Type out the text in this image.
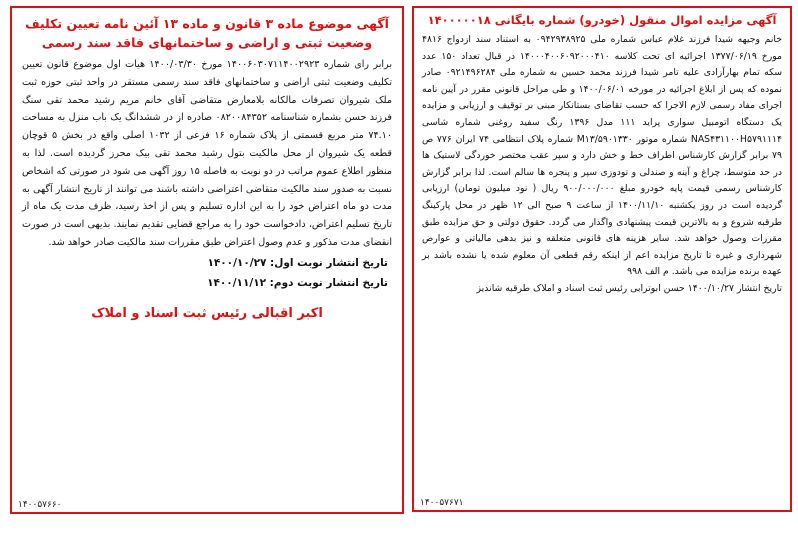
آگهی مزایده اموال منقول (خودرو) شماره بایگانی ۱۴۰۰۰۰۰۱۸
خانم وجیهه شیدا فرزند غلام عباس شماره ملی ۰۹۴۲۹۳۸۹۲۵ به استناد سند ازدواج ۴۸۱۶ مورخ ۱۳۷۷/۰۶/۱۹ اجرائیه ای تحت کلاسه ۱۴۰۰۰۴۰۰۶۰۹۲۰۰۰۴۱۰ در قبال تعداد ۱۵۰ عدد سکه تمام بهارآزادی علیه تامر شیدا فرزند محمد حسین به شماره ملی ۰۹۲۱۴۹۶۲۸۴ صادر نموده که پس از ابلاغ اجرائیه در مورخه ۱۴۰۰/۰۶/۰۱ و طی مراحل قانونی مقرر در آیین نامه اجرای مفاد رسمی لازم الاجرا که حسب تقاضای بستانکار مبنی بر توقیف و ارزیابی و مزایده یک دستگاه اتومبیل سواری پراید ۱۱۱ مدل ۱۳۹۶ رنگ سفید روغنی شماره شاسی NAS۴۳۱۱۰۰H۵۷۹۱۱۱۴ شماره موتور M۱۳/۵۹۰۱۳۳۰ شماره پلاک انتظامی ۷۴ ایران ۷۷۶ ص ۷۹ برابر گزارش کارشناس اطراف خط و خش دارد و سپر عقب مختصر خوردگی لاستیک ها در حد متوسط، چراغ و آینه و صندلی و تودوزی سپر و پنجره ها سالم است. لذا برابر گزارش کارشناس رسمی قیمت پایه خودرو مبلغ ۹۰۰/۰۰۰/۰۰۰ ریال ( نود میلیون تومان) ارزیابی گردیده است در روز یکشنبه ۱۴۰۰/۱۱/۱۰ از ساعت ۹ صبح الی ۱۲ ظهر در محل پارکینگ طرقبه شروع و به بالاترین قیمت پیشنهادی واگذار می گردد. حقوق دولتی و حق مزایده طبق مقررات وصول خواهد شد. سایر هزینه های قانونی متعلقه و نیز بدهی مالیاتی و عوارض شهرداری و غیره تا تاریخ مزایده اعم از اینکه رقم قطعی آن معلوم شده یا نشده باشد بر عهده برنده مزایده می باشد. م الف ۹۹۸
تاریخ انتشار ۱۴۰۰/۱۰/۲۷ حسن ابوترابی رئیس ثبت اسناد و املاک طرقبه شاندیز
۱۴۰۰۵۷۶۷۱
آگهی موضوع ماده ۳ قانون و ماده ۱۳ آئین نامه تعیین تکلیف وضعیت ثبتی و اراضی و ساختمانهای فاقد سند رسمی
برابر رای شماره ۱۴۰۰۶۰۳۰۷۱۱۴۰۰۲۹۲۳ مورخ ۱۴۰۰/۰۳/۳۰ هیات اول موضوع قانون تعیین تکلیف وضعیت ثبتی اراضی و ساختمانهای فاقد سند رسمی مستقر در واحد ثبتی حوزه ثبت ملک شیروان تصرفات مالکانه بلامعارض متقاضی آقای خانم مریم رشید محمد تقی سنگ فرزند حسن بشماره شناسنامه ۰۸۲۰۰۸۴۳۵۲ صادره از در ششدانگ یک باب منزل به مساحت ۷۴.۱۰ متر مربع قسمتی از پلاک شماره ۱۶ فرعی از ۱۰۳۲ اصلی واقع در بخش ۵ قوچان قطعه یک شیروان از محل مالکیت بتول رشید محمد تقی بیک محرز گردیده است. لذا به منظور اطلاع عموم مراتب در دو نوبت به فاصله ۱۵ روز آگهی می شود در صورتی که اشخاص نسبت به صدور سند مالکیت متقاضی اعتراضی داشته باشند می توانند از تاریخ انتشار آگهی به مدت دو ماه اعتراض خود را به این اداره تسلیم و پس از اخذ رسید، ظرف مدت یک ماه از تاریخ تسلیم اعتراض، دادخواست خود را به مراجع قضایی تقدیم نمایند. بدیهی است در صورت انقضای مدت مذکور و عدم وصول اعتراض طبق مقررات سند مالکیت صادر خواهد شد.
تاریخ انتشار نوبت اول: ۱۴۰۰/۱۰/۲۷
تاریخ انتشار نوبت دوم: ۱۴۰۰/۱۱/۱۲
اکبر اقبالی رئیس ثبت اسناد و املاک
۱۴۰۰۵۷۶۶۰
